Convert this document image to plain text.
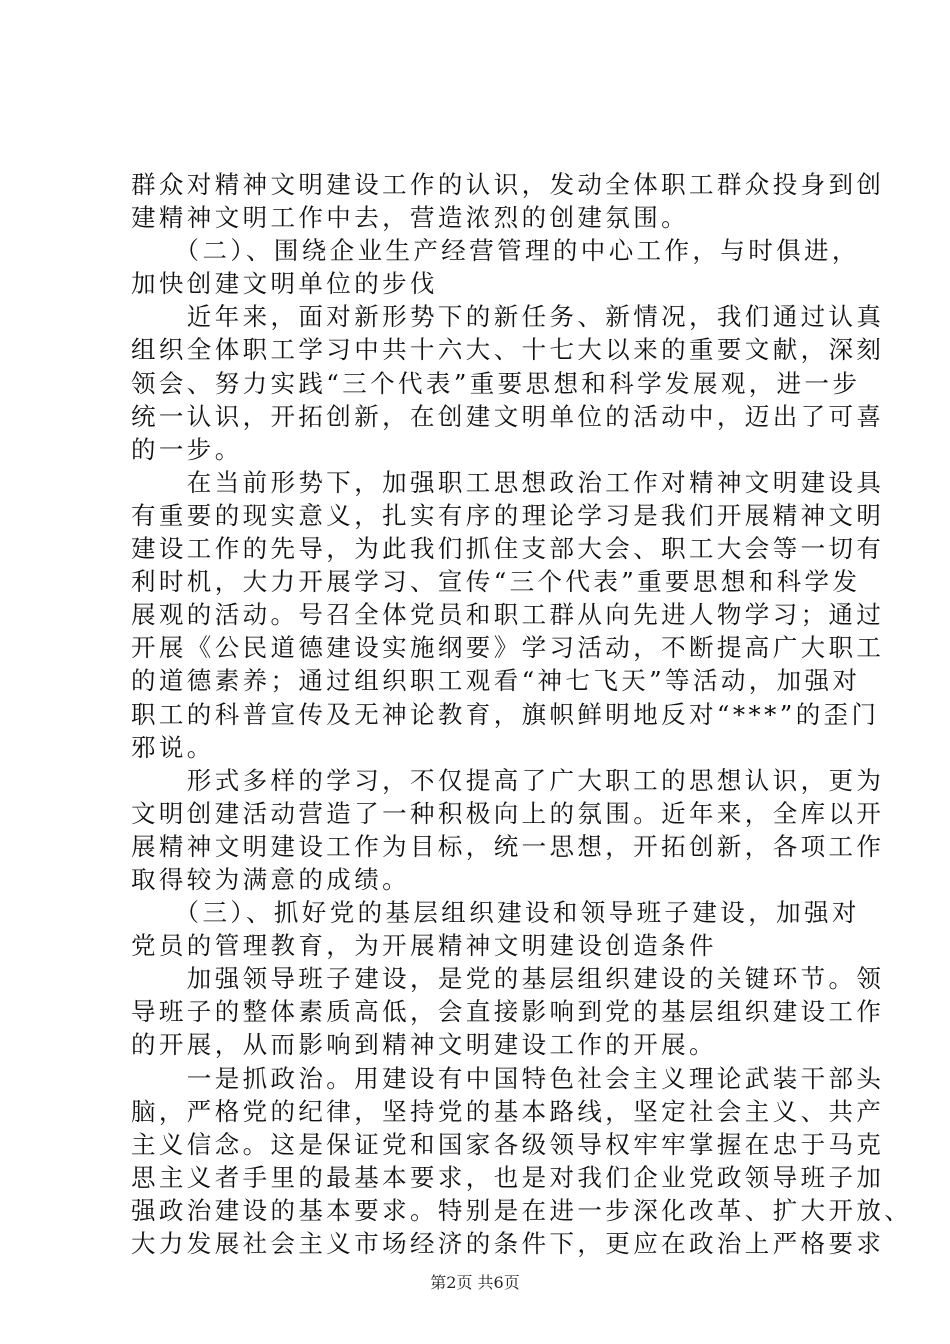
群众对精神文明建设工作的认识，发动全体职工群众投身到创
建精神文明工作中去，营造浓烈的创建氛围。
　　（二）、围绕企业生产经营管理的中心工作，与时俱进，
加快创建文明单位的步伐
　　近年来，面对新形势下的新任务、新情况，我们通过认真
组织全体职工学习中共十六大、十七大以来的重要文献，深刻
领会、努力实践“三个代表”重要思想和科学发展观，进一步
统一认识，开拓创新，在创建文明单位的活动中，迈出了可喜
的一步。
　　在当前形势下，加强职工思想政治工作对精神文明建设具
有重要的现实意义，扎实有序的理论学习是我们开展精神文明
建设工作的先导，为此我们抓住支部大会、职工大会等一切有
利时机，大力开展学习、宣传“三个代表”重要思想和科学发
展观的活动。号召全体党员和职工群从向先进人物学习；通过
开展《公民道德建设实施纲要》学习活动，不断提高广大职工
的道德素养；通过组织职工观看“神七飞天”等活动，加强对
职工的科普宣传及无神论教育，旗帜鲜明地反对“***”的歪门
邪说。
　　形式多样的学习，不仅提高了广大职工的思想认识，更为
文明创建活动营造了一种积极向上的氛围。近年来，全库以开
展精神文明建设工作为目标，统一思想，开拓创新，各项工作
取得较为满意的成绩。
　　（三）、抓好党的基层组织建设和领导班子建设，加强对
党员的管理教育，为开展精神文明建设创造条件
　　加强领导班子建设，是党的基层组织建设的关键环节。领
导班子的整体素质高低，会直接影响到党的基层组织建设工作
的开展，从而影响到精神文明建设工作的开展。
　　一是抓政治。用建设有中国特色社会主义理论武装干部头
脑，严格党的纪律，坚持党的基本路线，坚定社会主义、共产
主义信念。这是保证党和国家各级领导权牢牢掌握在忠于马克
思主义者手里的最基本要求，也是对我们企业党政领导班子加
强政治建设的基本要求。特别是在进一步深化改革、扩大开放、
大力发展社会主义市场经济的条件下，更应在政治上严格要求
第2页 共6页
